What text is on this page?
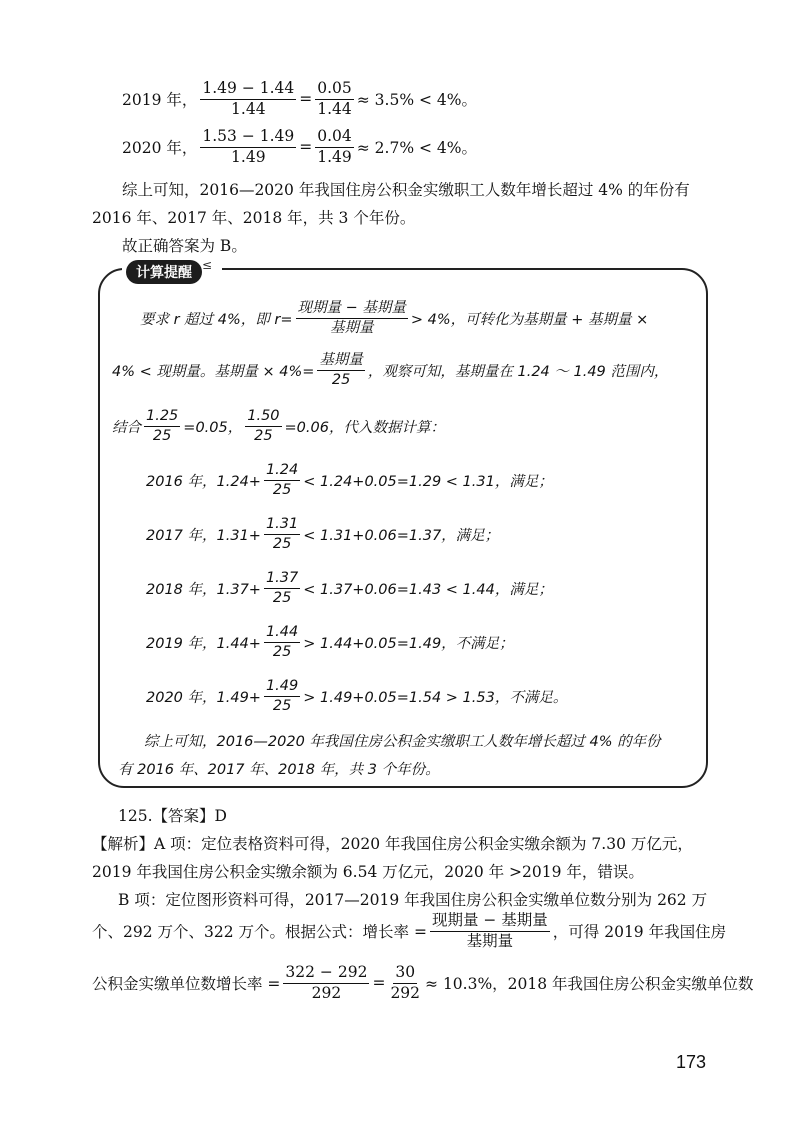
2019 年， $\frac{1.49 - 1.44}{1.44} = \frac{0.05}{1.44} \approx 3.5\% < 4\%$。
2020 年， $\frac{1.53 - 1.49}{1.49} = \frac{0.04}{1.49} \approx 2.7\% < 4\%$。
综上可知，2016—2020 年我国住房公积金实缴职工人数年增长超过 4% 的年份有
2016 年、2017 年、2018 年，共 3 个年份。
故正确答案为 B。
计算提醒 ≤
要求 r 超过 4%，即 $r= \frac{\text{现期量 − 基期量}}{\text{基期量}} > 4\%$，可转化为基期量 + 基期量 ×
4% < 现期量。基期量 × $4\%= \frac{\text{基期量}}{25}$ ，观察可知，基期量在 1.24 ～ 1.49 范围内，
结合 $\frac{1.25}{25} =0.05$， $\frac{1.50}{25} =0.06$，代入数据计算：
2016 年，$1.24+ \frac{1.24}{25} < 1.24+0.05=1.29 < 1.31$，满足；
2017 年，$1.31+ \frac{1.31}{25} < 1.31+0.06=1.37$，满足；
2018 年，$1.37+ \frac{1.37}{25} < 1.37+0.06=1.43 < 1.44$，满足；
2019 年，$1.44+ \frac{1.44}{25} > 1.44+0.05=1.49$，不满足；
2020 年，$1.49+ \frac{1.49}{25} > 1.49+0.05=1.54 > 1.53$，不满足。
综上可知，2016—2020 年我国住房公积金实缴职工人数年增长超过 4% 的年份
有 2016 年、2017 年、2018 年，共 3 个年份。
125.【答案】D
【解析】A 项：定位表格资料可得，2020 年我国住房公积金实缴余额为 7.30 万亿元，
2019 年我国住房公积金实缴余额为 6.54 万亿元，2020 年 >2019 年，错误。
B 项：定位图形资料可得，2017—2019 年我国住房公积金实缴单位数分别为 262 万
个、292 万个、322 万个。根据公式：增长率 = $\frac{\text{现期量 − 基期量}}{\text{基期量}}$ ，可得 2019 年我国住房
公积金实缴单位数增长率 = $\frac{322 - 292}{292} = \frac{30}{292} \approx 10.3\%$，2018 年我国住房公积金实缴单位数
173
